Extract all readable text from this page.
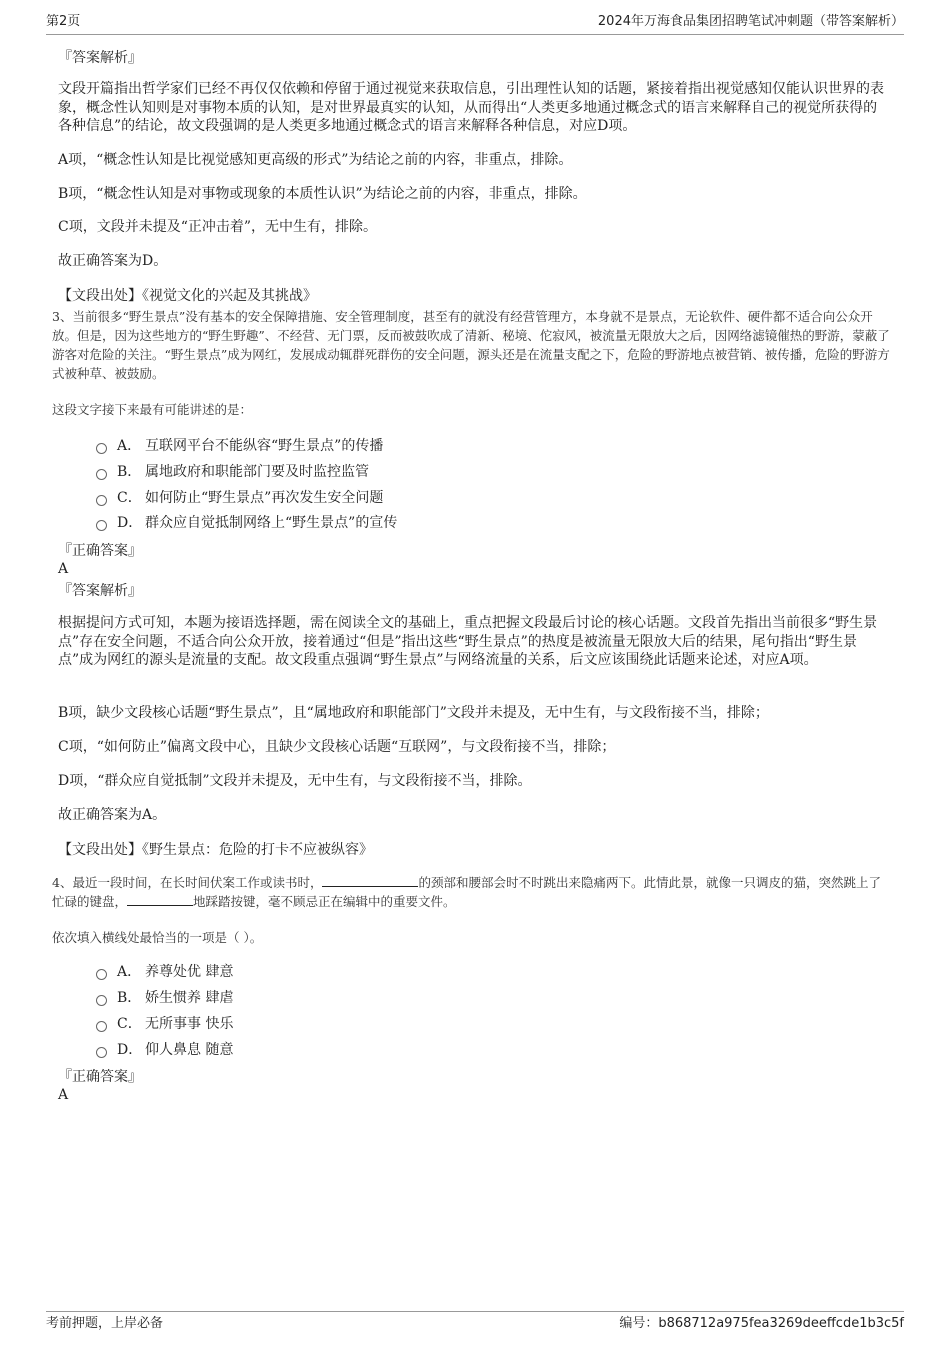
第2页	2024年万海食品集团招聘笔试冲刺题（带答案解析）
『答案解析』
文段开篇指出哲学家们已经不再仅仅依赖和停留于通过视觉来获取信息，引出理性认知的话题，紧接着指出视觉感知仅能认识世界的表象，概念性认知则是对事物本质的认知，是对世界最真实的认知，从而得出“人类更多地通过概念式的语言来解释自己的视觉所获得的各种信息”的结论，故文段强调的是人类更多地通过概念式的语言来解释各种信息，对应D项。
A项，“概念性认知是比视觉感知更高级的形式”为结论之前的内容，非重点，排除。
B项，“概念性认知是对事物或现象的本质性认识”为结论之前的内容，非重点，排除。
C项，文段并未提及“正冲击着”，无中生有，排除。
故正确答案为D。
【文段出处】《视觉文化的兴起及其挑战》
3、当前很多“野生景点”没有基本的安全保障措施、安全管理制度，甚至有的就没有经营管理方，本身就不是景点，无论软件、硬件都不适合向公众开放。但是，因为这些地方的“野生野趣”、不经营、无门票，反而被鼓吹成了清新、秘境、佗寂风，被流量无限放大之后，因网络滤镜催热的野游，蒙蔽了游客对危险的关注。“野生景点”成为网红，发展成动辄群死群伤的安全问题，源头还是在流量支配之下，危险的野游地点被营销、被传播，危险的野游方式被种草、被鼓励。
这段文字接下来最有可能讲述的是：
A． 互联网平台不能纵容“野生景点”的传播
B． 属地政府和职能部门要及时监控监管
C． 如何防止“野生景点”再次发生安全问题
D． 群众应自觉抵制网络上“野生景点”的宣传
『正确答案』
A
『答案解析』
根据提问方式可知，本题为接语选择题，需在阅读全文的基础上，重点把握文段最后讨论的核心话题。文段首先指出当前很多“野生景点”存在安全问题，不适合向公众开放，接着通过“但是”指出这些“野生景点”的热度是被流量无限放大后的结果，尾句指出“野生景点”成为网红的源头是流量的支配。故文段重点强调“野生景点”与网络流量的关系，后文应该围绕此话题来论述，对应A项。
B项，缺少文段核心话题“野生景点”，且“属地政府和职能部门”文段并未提及，无中生有，与文段衔接不当，排除；
C项，“如何防止”偏离文段中心，且缺少文段核心话题“互联网”，与文段衔接不当，排除；
D项，“群众应自觉抵制”文段并未提及，无中生有，与文段衔接不当，排除。
故正确答案为A。
【文段出处】《野生景点：危险的打卡不应被纵容》
4、最近一段时间，在长时间伏案工作或读书时，	的颈部和腰部会时不时跳出来隐痛两下。此情此景，就像一只调皮的猫，突然跳上了忙碌的键盘，	地踩踏按键，毫不顾忌正在编辑中的重要文件。
依次填入横线处最恰当的一项是（ ）。
A． 养尊处优 肆意
B． 娇生惯养 肆虐
C． 无所事事 快乐
D． 仰人鼻息 随意
『正确答案』
A
考前押题，上岸必备	编号：b868712a975fea3269deeffcde1b3c5f
